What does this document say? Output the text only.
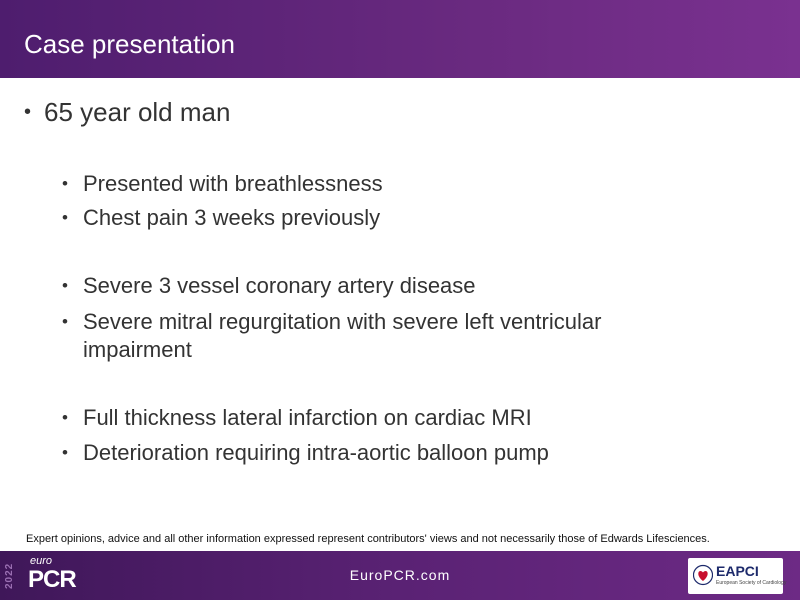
Case presentation
• 65 year old man
• Presented with breathlessness
• Chest pain 3 weeks previously
• Severe 3 vessel coronary artery disease
• Severe mitral regurgitation with severe left ventricular impairment
• Full thickness lateral infarction on cardiac MRI
• Deterioration requiring intra-aortic balloon pump
Expert opinions, advice and all other information expressed represent contributors' views and not necessarily those of Edwards Lifesciences.
2022
euro
PCR	EuroPCR.com	EAPCI
European Society of Cardiology
